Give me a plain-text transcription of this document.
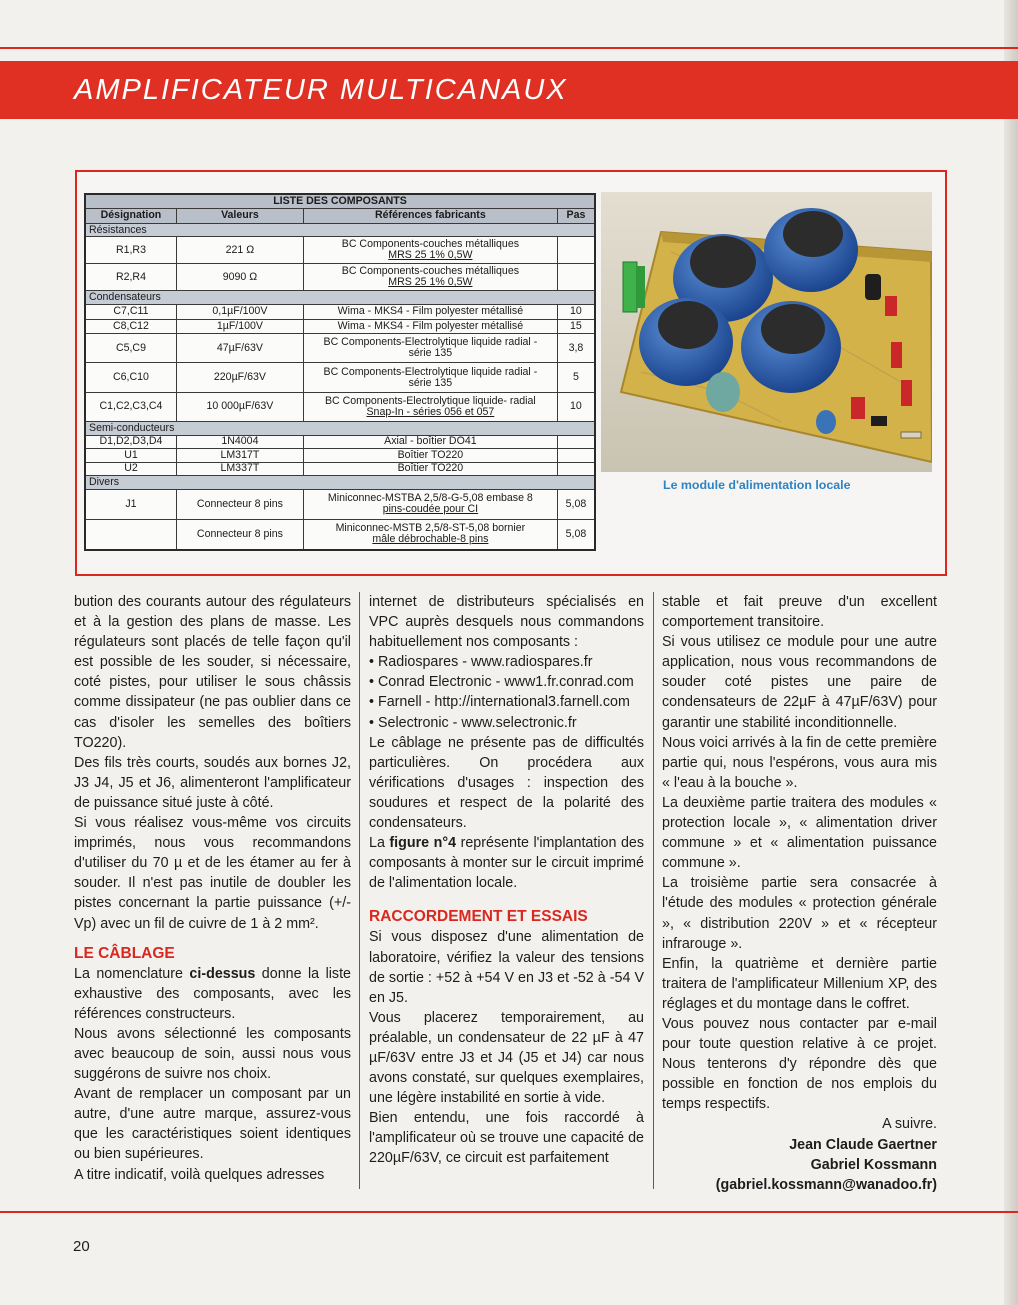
AMPLIFICATEUR MULTICANAUX
LISTE DES COMPOSANTS			
Désignation	Valeurs	Références fabricants	Pas
Résistances			
R1,R3	221 Ω	BC Components-couches métalliques
MRS 25 1% 0,5W	

R2,R4	9090 Ω	BC Components-couches métalliques
MRS 25 1% 0,5W	

Condensateurs			
C7,C11	0,1µF/100V	Wima - MKS4 - Film polyester métallisé	10
C8,C12	1µF/100V	Wima - MKS4 - Film polyester métallisé	15
C5,C9	47µF/63V	BC Components-Electrolytique liquide radial -
série 135	3,8
C6,C10	220µF/63V	BC Components-Electrolytique liquide radial -
série 135	5
C1,C2,C3,C4	10 000µF/63V	BC Components-Electrolytique liquide- radial
Snap-In - séries 056 et 057	10
Semi-conducteurs			
D1,D2,D3,D4	1N4004	Axial - boîtier DO41	
U1	LM317T	Boîtier TO220	
U2	LM337T	Boîtier TO220	
Divers			
J1	Connecteur 8 pins	Miniconnec-MSTBA 2,5/8-G-5,08 embase 8
pins-coudée pour CI	5,08
	Connecteur 8 pins	Miniconnec-MSTB 2,5/8-ST-5,08 bornier
mâle débrochable-8 pins	5,08
Le module d'alimentation locale

bution des courants autour des régulateurs et à la gestion des plans de masse. Les régulateurs sont placés de telle façon qu'il est possible de les souder, si nécessaire, coté pistes, pour utiliser le sous châssis comme dissipateur (ne pas oublier dans ce cas d'isoler les semelles des boîtiers TO220).

Des fils très courts, soudés aux bornes J2, J3 J4, J5 et J6, alimenteront l'amplificateur de puissance situé juste à côté.

Si vous réalisez vous-même vos circuits imprimés, nous vous recommandons d'utiliser du 70 µ et de les étamer au fer à souder. Il n'est pas inutile de doubler les pistes concernant la partie puissance (+/-Vp) avec un fil de cuivre de 1 à 2 mm².

LE CÂBLAGE

La nomenclature ci-dessus donne la liste exhaustive des composants, avec les références constructeurs.

Nous avons sélectionné les composants avec beaucoup de soin, aussi nous vous suggérons de suivre nos choix.

Avant de remplacer un composant par un autre, d'une autre marque, assurez-vous que les caractéristiques soient identiques ou bien supérieures.

A titre indicatif, voilà quelques adresses

internet de distributeurs spécialisés en VPC auprès desquels nous commandons habituellement nos composants :

• Radiospares - www.radiospares.fr

• Conrad Electronic - www1.fr.conrad.com

• Farnell - http://international3.farnell.com

• Selectronic - www.selectronic.fr

Le câblage ne présente pas de difficultés particulières. On procédera aux vérifications d'usages : inspection des soudures et respect de la polarité des condensateurs.

La figure n°4 représente l'implantation des composants à monter sur le circuit imprimé de l'alimentation locale.

RACCORDEMENT ET ESSAIS

Si vous disposez d'une alimentation de laboratoire, vérifiez la valeur des tensions de sortie : +52 à +54 V en J3 et -52 à -54 V en J5.

Vous placerez temporairement, au préalable, un condensateur de 22 µF à 47 µF/63V entre J3 et J4 (J5 et J4) car nous avons constaté, sur quelques exemplaires, une légère instabilité en sortie à vide.

Bien entendu, une fois raccordé à l'amplificateur où se trouve une capacité de 220µF/63V, ce circuit est parfaitement

stable et fait preuve d'un excellent comportement transitoire.

Si vous utilisez ce module pour une autre application, nous vous recommandons de souder coté pistes une paire de condensateurs de 22µF à 47µF/63V) pour garantir une stabilité inconditionnelle.

Nous voici arrivés à la fin de cette première partie qui, nous l'espérons, vous aura mis « l'eau à la bouche ».

La deuxième partie traitera des modules « protection locale », « alimentation driver commune » et « alimentation puissance commune ».

La troisième partie sera consacrée à l'étude des modules « protection générale », « distribution 220V » et « récepteur infrarouge ».

Enfin, la quatrième et dernière partie traitera de l'amplificateur Millenium XP, des réglages et du montage dans le coffret.

Vous pouvez nous contacter par e-mail pour toute question relative à ce projet. Nous tenterons d'y répondre dès que possible en fonction de nos emplois du temps respectifs.

A suivre.

Jean Claude Gaertner

Gabriel Kossmann

(gabriel.kossmann@wanadoo.fr)

20
